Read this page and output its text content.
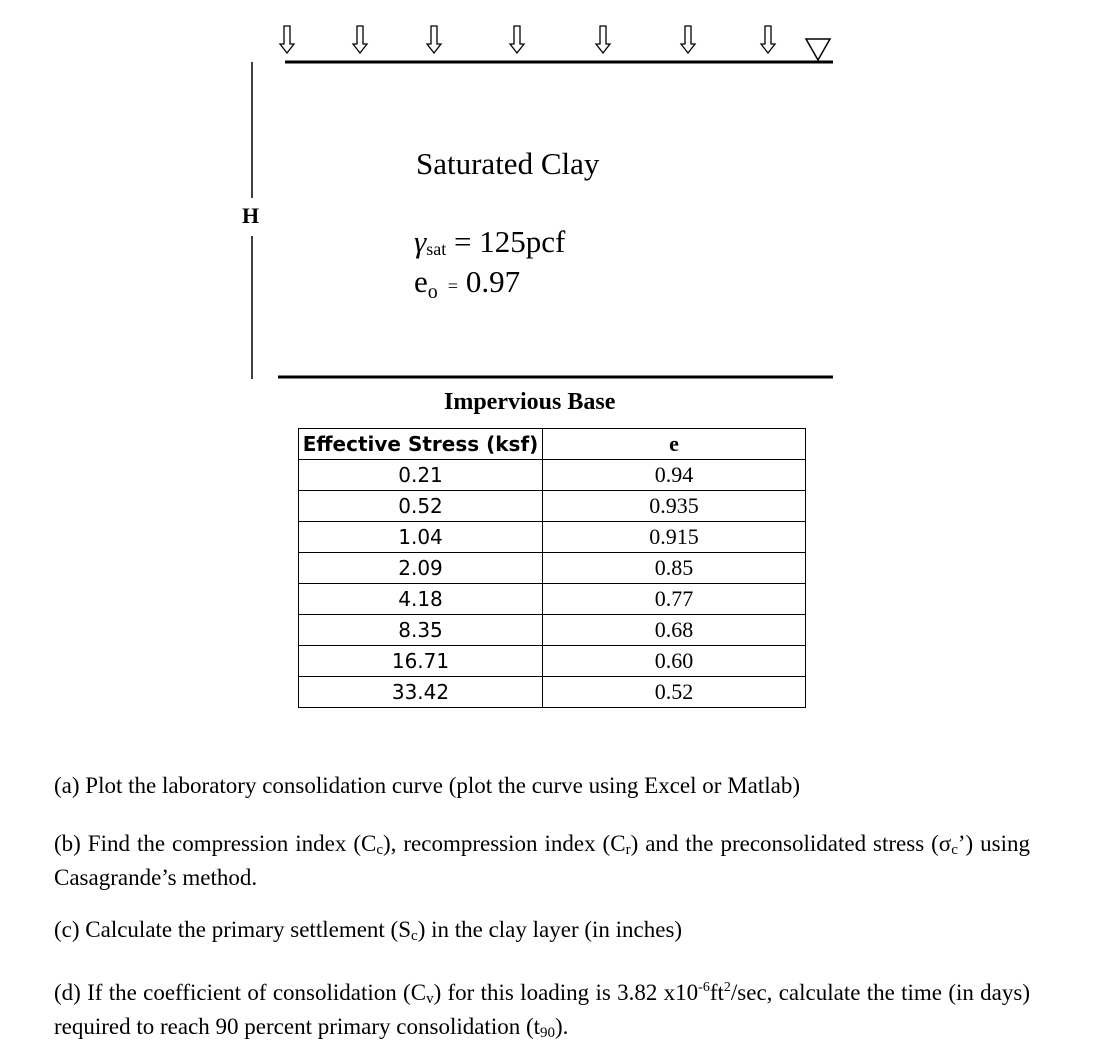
Saturated Clay
H
$\gamma_{sat} = 125pcf$
$e_o = 0.97$
Impervious Base
Effective Stress (ksf)	e
0.21	0.94
0.52	0.935
1.04	0.915
2.09	0.85
4.18	0.77
8.35	0.68
16.71	0.60
33.42	0.52
(a) Plot the laboratory consolidation curve (plot the curve using Excel or Matlab)
(b) Find the compression index $(C_c)$, recompression index $(C_r)$ and the preconsolidated stress $(\sigma_c’)$ using Casagrande’s method.
(c) Calculate the primary settlement $(S_c)$ in the clay layer (in inches)
(d) If the coefficient of consolidation $(C_v)$ for this loading is 3.82 $x10^{-6}ft^2/\sec$, calculate the time (in days) required to reach 90 percent primary consolidation $(t_{90})$.
